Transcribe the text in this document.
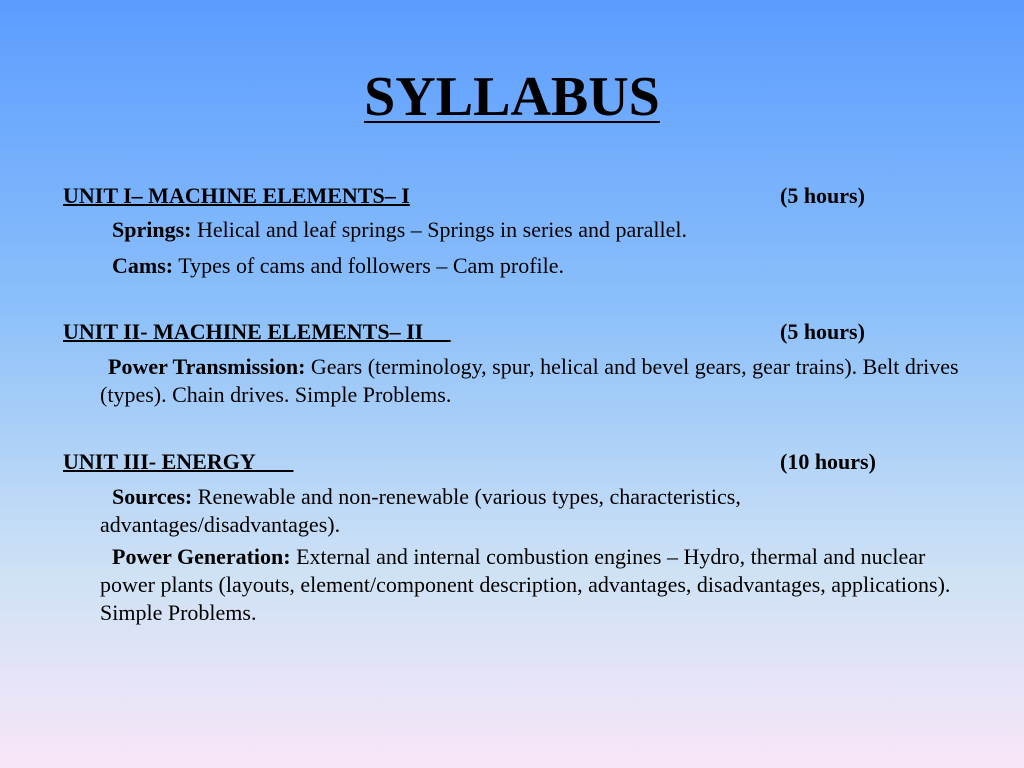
SYLLABUS
UNIT I– MACHINE ELEMENTS– I	(5 hours)
Springs: Helical and leaf springs – Springs in series and parallel.
Cams: Types of cams and followers – Cam profile.
UNIT II- MACHINE ELEMENTS– II	(5 hours)
Power Transmission: Gears (terminology, spur, helical and bevel gears, gear trains). Belt drives (types). Chain drives. Simple Problems.
UNIT III- ENERGY	(10 hours)
Sources: Renewable and non-renewable (various types, characteristics, advantages/disadvantages).
Power Generation: External and internal combustion engines – Hydro, thermal and nuclear power plants (layouts, element/component description, advantages, disadvantages, applications). Simple Problems.
